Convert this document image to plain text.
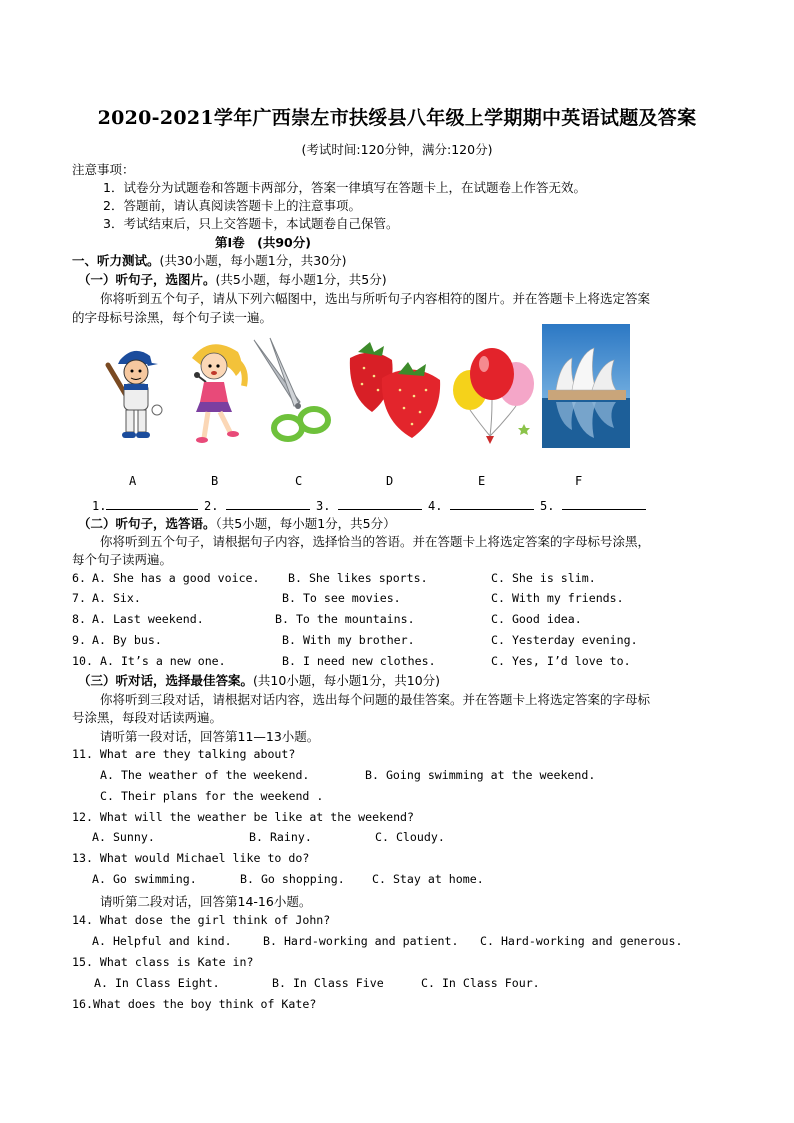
2020-2021学年广西崇左市扶绥县八年级上学期期中英语试题及答案
(考试时间:120分钟，满分:120分)
注意事项：
1．试卷分为试题卷和答题卡两部分，答案一律填写在答题卡上，在试题卷上作答无效。
2．答题前，请认真阅读答题卡上的注意事项。
3．考试结束后，只上交答题卡，本试题卷自己保管。
第Ⅰ卷　(共90分)
一、听力测试。(共30小题，每小题1分，共30分)
（一）听句子，选图片。(共5小题，每小题1分，共5分)
你将听到五个句子，请从下列六幅图中，选出与所听句子内容相符的图片。并在答题卡上将选定答案
的字母标号涂黑，每个句子读一遍。
A	B	C	D	E	F
1.	2.	3.	4.	5.
（二）听句子，选答语。（共5小题，每小题1分，共5分）
你将听到五个句子，请根据句子内容，选择恰当的答语。并在答题卡上将选定答案的字母标号涂黑，
每个句子读两遍。
6. A. She has a good voice. B. She likes sports.	C. She is slim.
7. A. Six.	B. To see movies.	C. With my friends.
8. A. Last weekend.	B. To the mountains.	C. Good idea.
9. A. By bus.	B. With my brother.	C. Yesterday evening.
10. A. It’s a new one.	B. I need new clothes.	C. Yes, I’d love to.
（三）听对话，选择最佳答案。(共10小题，每小题1分，共10分)
你将听到三段对话，请根据对话内容，选出每个问题的最佳答案。并在答题卡上将选定答案的字母标
号涂黑，每段对话读两遍。
请听第一段对话，回答第11—13小题。
11. What are they talking about?
A. The weather of the weekend.	B. Going swimming at the weekend.
C. Their plans for the weekend .
12. What will the weather be like at the weekend?
A. Sunny.	B. Rainy.	C. Cloudy.
13. What would Michael like to do?
A. Go swimming.	B. Go shopping. C. Stay at home.
请听第二段对话，回答第14-16小题。
14. What dose the girl think of John?
A. Helpful and kind.	B. Hard-working and patient. C. Hard-working and generous.
15. What class is Kate in?
A. In Class Eight.	B. In Class Five	C. In Class Four.
16.What does the boy think of Kate?
